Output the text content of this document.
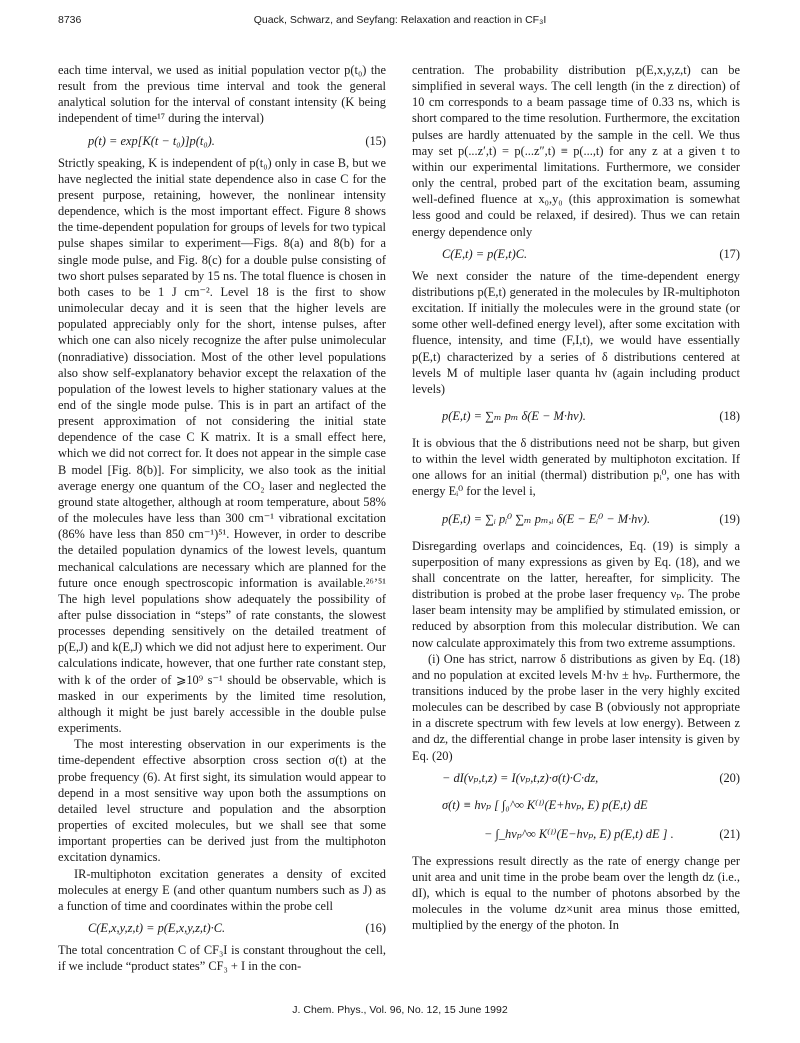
8736	Quack, Schwarz, and Seyfang: Relaxation and reaction in CF₃I

each time interval, we used as initial population vector p(t₀) the result from the previous time interval and took the general analytical solution for the interval of constant intensity (K being independent of time¹⁷ during the interval)

p(t) = exp[K(t − t₀)]p(t₀).	(15)

Strictly speaking, K is independent of p(t₀) only in case B, but we have neglected the initial state dependence also in case C for the present purpose, retaining, however, the nonlinear intensity dependence, which is the most important effect. Figure 8 shows the time-dependent population for groups of levels for two typical pulse shapes similar to experiment—Figs. 8(a) and 8(b) for a single mode pulse, and Fig. 8(c) for a double pulse consisting of two short pulses separated by 15 ns. The total fluence is chosen in both cases to be 1 J cm⁻². Level 18 is the first to show unimolecular decay and it is seen that the higher levels are populated appreciably only for the short, intense pulses, after which one can also nicely recognize the after pulse unimolecular (nonradiative) dissociation. Most of the other level populations also show self-explanatory behavior except the relaxation of the population of the lowest levels to higher stationary values at the end of the single mode pulse. This is in part an artifact of the present approximation of not considering the initial state dependence of the case C K matrix. It is a small effect here, which we did not correct for. It does not appear in the simple case B model [Fig. 8(b)]. For simplicity, we also took as the initial average energy one quantum of the CO₂ laser and neglected the ground state altogether, although at room temperature, about 58% of the molecules have less than 300 cm⁻¹ vibrational excitation (86% have less than 850 cm⁻¹)⁵¹. However, in order to describe the detailed population dynamics of the lowest levels, quantum mechanical calculations are necessary which are planned for the future once enough spectroscopic information is available.²⁶ʼ⁵¹ The high level populations show adequately the possibility of after pulse dissociation in “steps” of rate constants, the slowest processes depending sensitively on the detailed treatment of p(E,J) and k(E,J) which we did not adjust here to experiment. Our calculations indicate, however, that one further rate constant step, with k of the order of ⩾10⁹ s⁻¹ should be observable, which is masked in our experiments by the limited time resolution, although it might be just barely accessible in the double pulse experiments.

The most interesting observation in our experiments is the time-dependent effective absorption cross section σ(t) at the probe frequency (6). At first sight, its simulation would appear to depend in a most sensitive way upon both the assumptions on detailed level structure and population and the absorption properties of excited molecules, but we shall see that some important properties can be derived just from the multiphoton excitation dynamics.

IR-multiphoton excitation generates a density of excited molecules at energy E (and other quantum numbers such as J) as a function of time and coordinates within the probe cell

C(E,x,y,z,t) = p(E,x,y,z,t)·C.	(16)

The total concentration C of CF₃I is constant throughout the cell, if we include “product states” CF₃ + I in the con-

centration. The probability distribution p(E,x,y,z,t) can be simplified in several ways. The cell length (in the z direction) of 10 cm corresponds to a beam passage time of 0.33 ns, which is short compared to the time resolution. Furthermore, the excitation pulses are hardly attenuated by the sample in the cell. We thus may set p(...z′,t) = p(...z″,t) ≡ p(...,t) for any z at a given t to within our experimental limitations. Furthermore, we consider only the central, probed part of the excitation beam, assuming well-defined fluence at x₀,y₀ (this approximation is somewhat less good and could be relaxed, if desired). Thus we can retain energy dependence only

C(E,t) = p(E,t)C.	(17)

We next consider the nature of the time-dependent energy distributions p(E,t) generated in the molecules by IR-multiphoton excitation. If initially the molecules were in the ground state (or some other well-defined energy level), after some excitation with fluence, intensity, and time (F,I,t), we would have essentially p(E,t) characterized by a series of δ distributions centered at levels M of multiple laser quanta hν (again including product levels)

p(E,t) = ∑ₘ pₘ δ(E − M·hν).	(18)

It is obvious that the δ distributions need not be sharp, but given to within the level width generated by multiphoton excitation. If one allows for an initial (thermal) distribution pᵢ⁰, one has with energy Eᵢ⁰ for the level i,

p(E,t) = ∑ᵢ pᵢ⁰ ∑ₘ pₘ,ᵢ δ(E − Eᵢ⁰ − M·hν).	(19)

Disregarding overlaps and coincidences, Eq. (19) is simply a superposition of many expressions as given by Eq. (18), and we shall concentrate on the latter, hereafter, for simplicity. The distribution is probed at the probe laser frequency νₚ. The probe laser beam intensity may be amplified by stimulated emission, or reduced by absorption from this molecular distribution. We can now calculate approximately this from two extreme assumptions.

(i) One has strict, narrow δ distributions as given by Eq. (18) and no population at excited levels M·hν ± hνₚ. Furthermore, the transitions induced by the probe laser in the very highly excited molecules can be described by case B (obviously not appropriate in a discrete spectrum with few levels at low energy). Between z and dz, the differential change in probe laser intensity is given by Eq. (20)

− dI(νₚ,t,z) = I(νₚ,t,z)·σ(t)·C·dz,	(20)
σ(t) ≡ hνₚ [ ∫₀^∞ K⁽ᴵ⁾(E+hνₚ, E) p(E,t) dE
− ∫_hνₚ^∞ K⁽ᴵ⁾(E−hνₚ, E) p(E,t) dE ] .	(21)

The expressions result directly as the rate of energy change per unit area and unit time in the probe beam over the length dz (i.e., dI), which is equal to the number of photons absorbed by the molecules in the volume dz×unit area minus those emitted, multiplied by the energy of the photon. In

J. Chem. Phys., Vol. 96, No. 12, 15 June 1992
